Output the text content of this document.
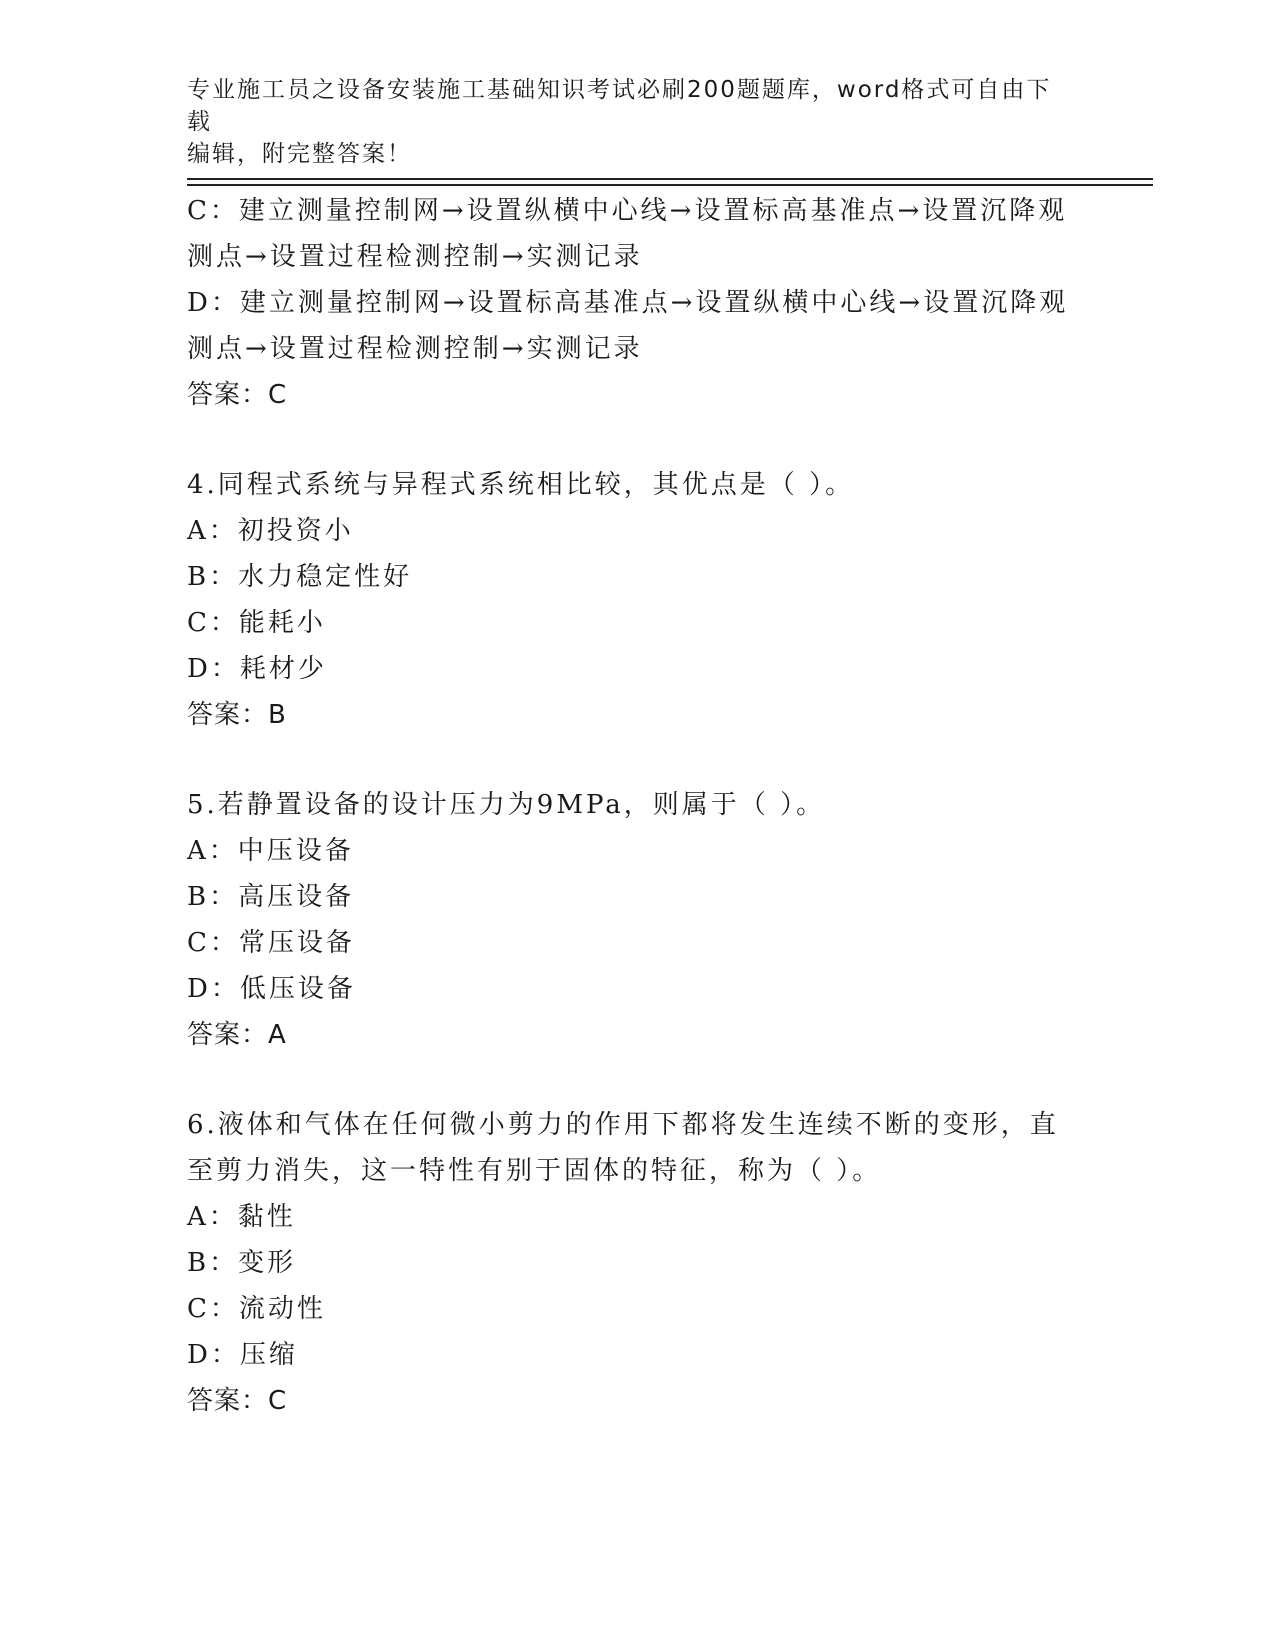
专业施工员之设备安装施工基础知识考试必刷200题题库，word格式可自由下载
编辑，附完整答案！
C：建立测量控制网→设置纵横中心线→设置标高基准点→设置沉降观
测点→设置过程检测控制→实测记录
D：建立测量控制网→设置标高基准点→设置纵横中心线→设置沉降观
测点→设置过程检测控制→实测记录
答案：C
4.同程式系统与异程式系统相比较，其优点是（ ）。
A：初投资小
B：水力稳定性好
C：能耗小
D：耗材少
答案：B
5.若静置设备的设计压力为9MPa，则属于（ ）。
A：中压设备
B：高压设备
C：常压设备
D：低压设备
答案：A
6.液体和气体在任何微小剪力的作用下都将发生连续不断的变形，直
至剪力消失，这一特性有别于固体的特征，称为（ ）。
A：黏性
B：变形
C：流动性
D：压缩
答案：C
